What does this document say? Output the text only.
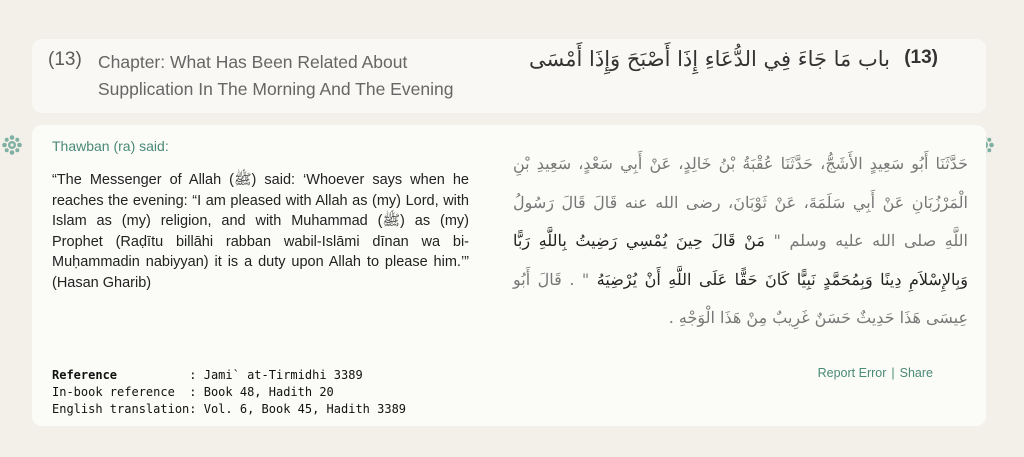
(13) Chapter: What Has Been Related About Supplication In The Morning And The Evening
باب مَا جَاءَ فِي الدُّعَاءِ إِذَا أَصْبَحَ وَإِذَا أَمْسَى (13)
Thawban (ra) said:
“The Messenger of Allah (ﷺ) said: ‘Whoever says when he reaches the evening: “I am pleased with Allah as (my) Lord, with Islam as (my) religion, and with Muhammad (ﷺ) as (my) Prophet (Raḍītu billāhi rabban wabil-Islāmi dīnan wa bi-Muḥammadin nabiyyan) it is a duty upon Allah to please him.’” (Hasan Gharib)
حَدَّثَنَا أَبُو سَعِيدٍ الأَشَجُّ، حَدَّثَنَا عُقْبَةُ بْنُ خَالِدٍ، عَنْ أَبِي سَعْدٍ، سَعِيدِ بْنِ الْمَرْزُبَانِ عَنْ أَبِي سَلَمَةَ، عَنْ ثَوْبَانَ، رضى الله عنه قَالَ قَالَ رَسُولُ اللَّهِ صلى الله عليه وسلم " مَنْ قَالَ حِينَ يُمْسِي رَضِيتُ بِاللَّهِ رَبًّا وَبِالإِسْلاَمِ دِينًا وَبِمُحَمَّدٍ نَبِيًّا كَانَ حَقًّا عَلَى اللَّهِ أَنْ يُرْضِيَهُ " . قَالَ أَبُو عِيسَى هَذَا حَدِيثٌ حَسَنٌ غَرِيبٌ مِنْ هَذَا الْوَجْهِ .
Reference	: Jami` at-Tirmidhi 3389
In-book reference	: Book 48, Hadith 20
English translation	: Vol. 6, Book 45, Hadith 3389
Report Error | Share
